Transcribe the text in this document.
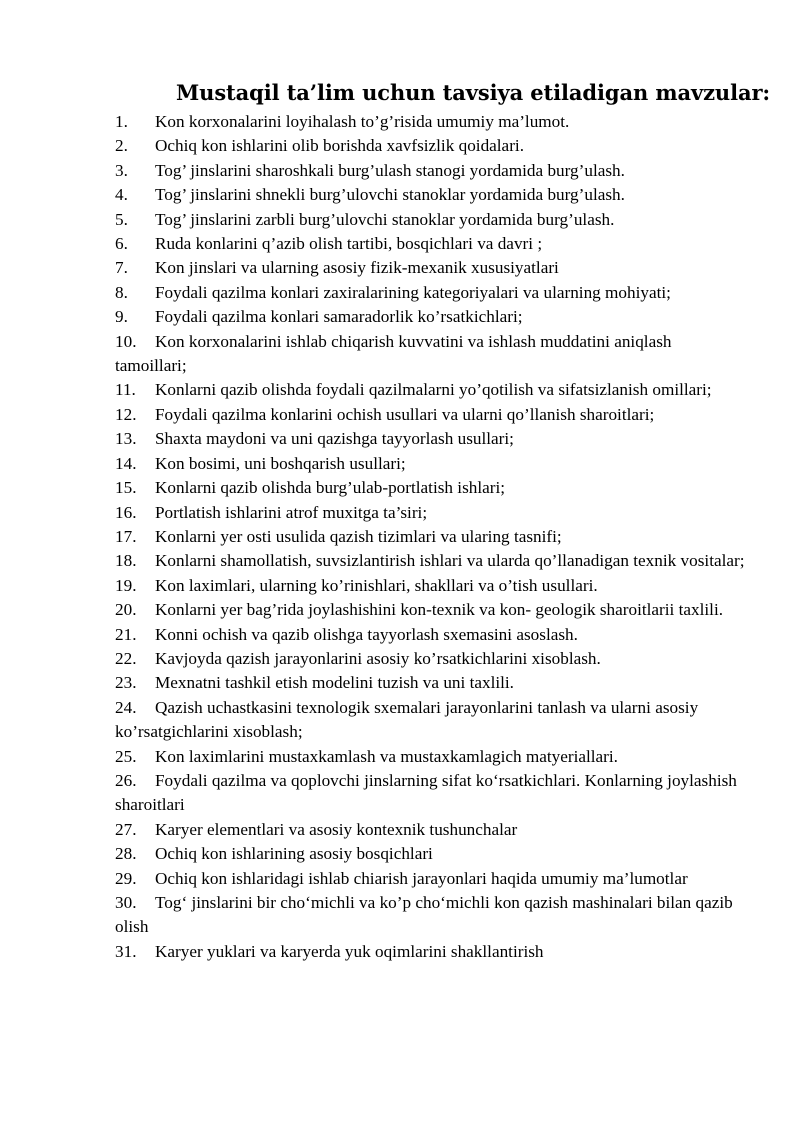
Mustaqil ta’lim uchun tavsiya etiladigan mavzular:
1. Kon korxonalarini loyihalash to’g’risida umumiy ma’lumot.
2. Ochiq kon ishlarini olib borishda xavfsizlik qoidalari.
3. Tog’ jinslarini sharoshkali burg’ulash stanogi yordamida burg’ulash.
4. Tog’ jinslarini shnekli burg’ulovchi stanoklar yordamida burg’ulash.
5. Tog’ jinslarini zarbli burg’ulovchi stanoklar yordamida burg’ulash.
6. Ruda konlarini q’azib olish tartibi, bosqichlari va davri ;
7. Kon jinslari va ularning asosiy fizik-mexanik xususiyatlari
8. Foydali qazilma konlari zaxiralarining kategoriyalari va ularning mohiyati;
9. Foydali qazilma konlari samaradorlik ko’rsatkichlari;
10. Kon korxonalarini ishlab chiqarish kuvvatini va ishlash muddatini aniqlash tamoillari;
11. Konlarni qazib olishda foydali qazilmalarni yo’qotilish va sifatsizlanish omillari;
12. Foydali qazilma konlarini ochish usullari va ularni qo’llanish sharoitlari;
13. Shaxta maydoni va uni qazishga tayyorlash usullari;
14. Kon bosimi, uni boshqarish usullari;
15. Konlarni qazib olishda burg’ulab-portlatish ishlari;
16. Portlatish ishlarini atrof muxitga ta’siri;
17. Konlarni yer osti usulida qazish tizimlari va ularing tasnifi;
18. Konlarni shamollatish, suvsizlantirish ishlari va ularda qo’llanadigan texnik vositalar;
19. Kon laximlari, ularning ko’rinishlari, shakllari va o’tish usullari.
20. Konlarni yer bag’rida joylashishini kon-texnik va kon- geologik sharoitlarii taxlili.
21. Konni ochish va qazib olishga tayyorlash sxemasini asoslash.
22. Kavjoyda qazish jarayonlarini asosiy ko’rsatkichlarini xisoblash.
23. Mexnatni tashkil etish modelini tuzish va uni taxlili.
24. Qazish uchastkasini texnologik sxemalari jarayonlarini tanlash va ularni asosiy ko’rsatgichlarini xisoblash;
25. Kon laximlarini mustaxkamlash va mustaxkamlagich matyeriallari.
26. Foydali qazilma va qoplovchi jinslarning sifat ko‘rsatkichlari. Konlarning joylashish sharoitlari
27. Karyer elementlari va asosiy kontexnik tushunchalar
28. Ochiq kon ishlarining asosiy bosqichlari
29. Ochiq kon ishlaridagi ishlab chiarish jarayonlari haqida umumiy ma’lumotlar
30. Tog‘ jinslarini bir cho‘michli va ko’p cho‘michli kon qazish mashinalari bilan qazib olish
31. Karyer yuklari va karyerda yuk oqimlarini shakllantirish
